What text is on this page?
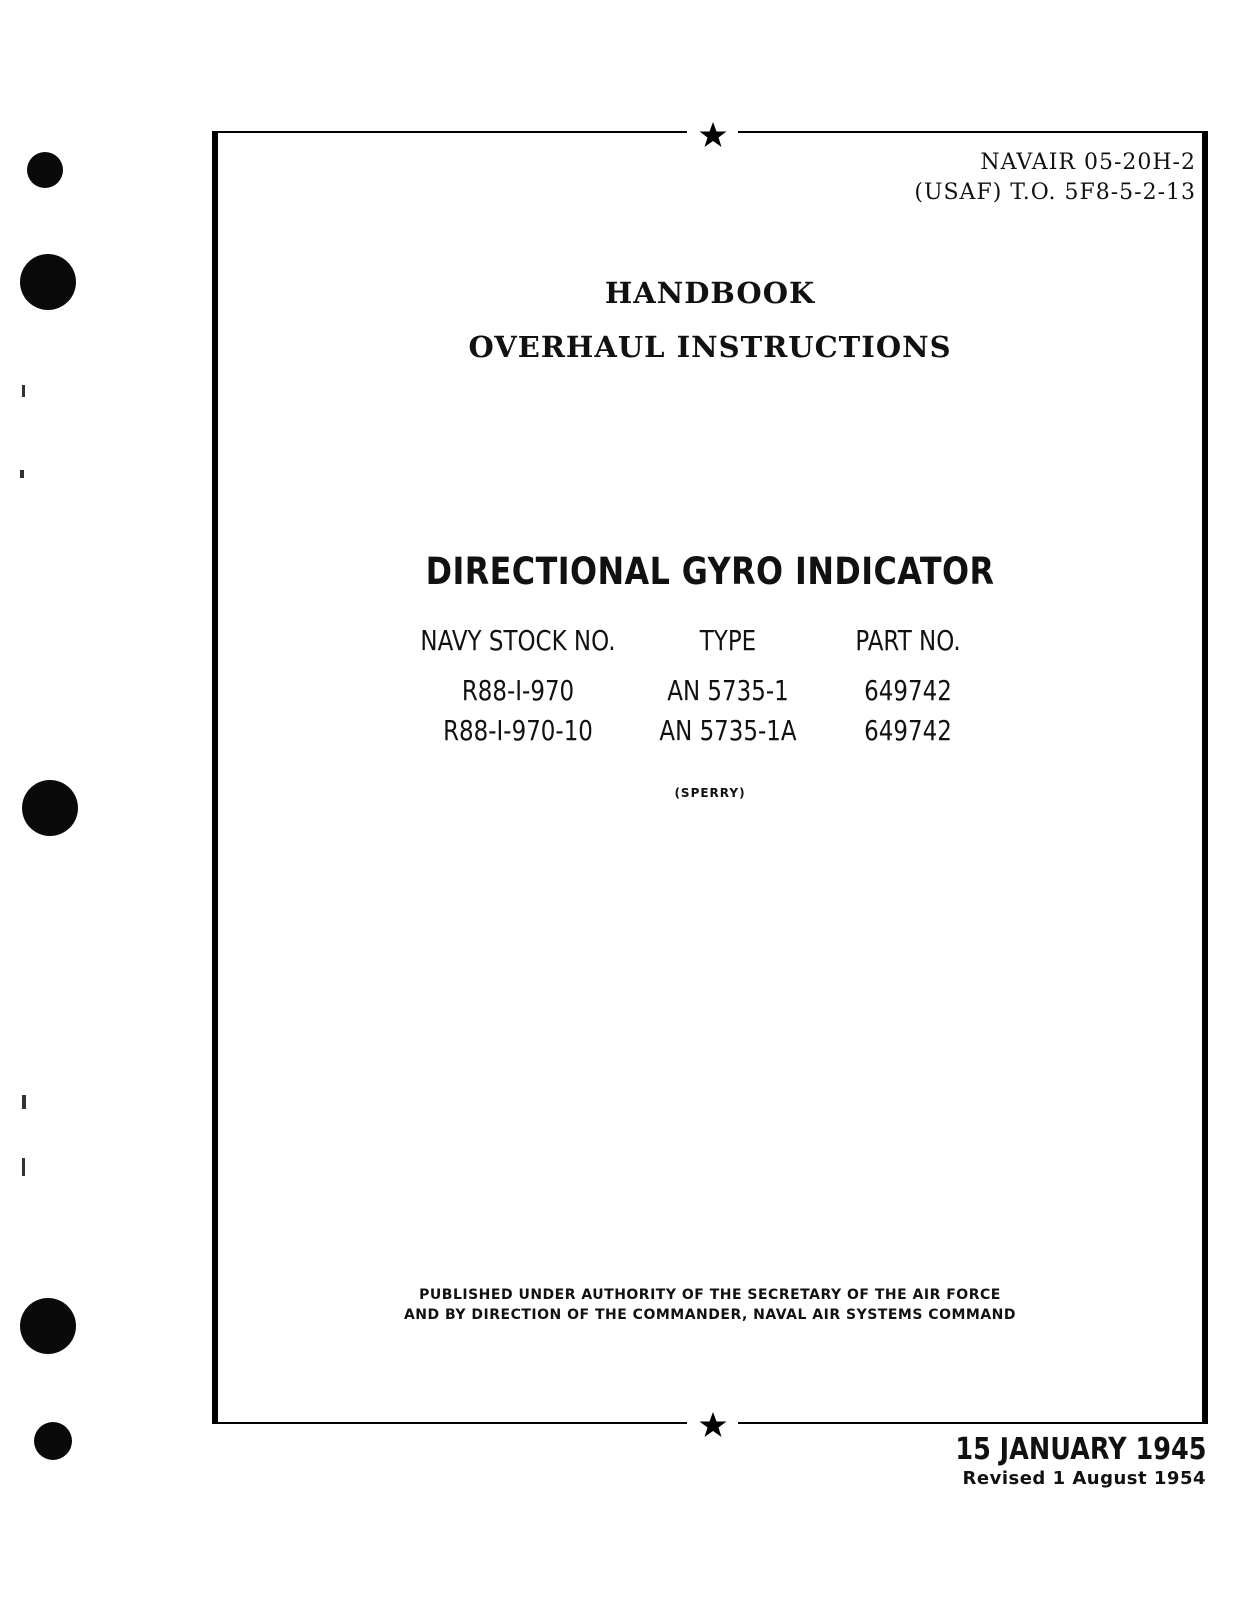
NAVAIR 05-20H-2
(USAF) T.O. 5F8-5-2-13
HANDBOOK
OVERHAUL INSTRUCTIONS
DIRECTIONAL GYRO INDICATOR
NAVY STOCK NO.	TYPE	PART NO.
R88-I-970	AN 5735-1	649742
R88-I-970-10	AN 5735-1A	649742
(SPERRY)
PUBLISHED UNDER AUTHORITY OF THE SECRETARY OF THE AIR FORCE
AND BY DIRECTION OF THE COMMANDER, NAVAL AIR SYSTEMS COMMAND
15 JANUARY 1945
Revised 1 August 1954
